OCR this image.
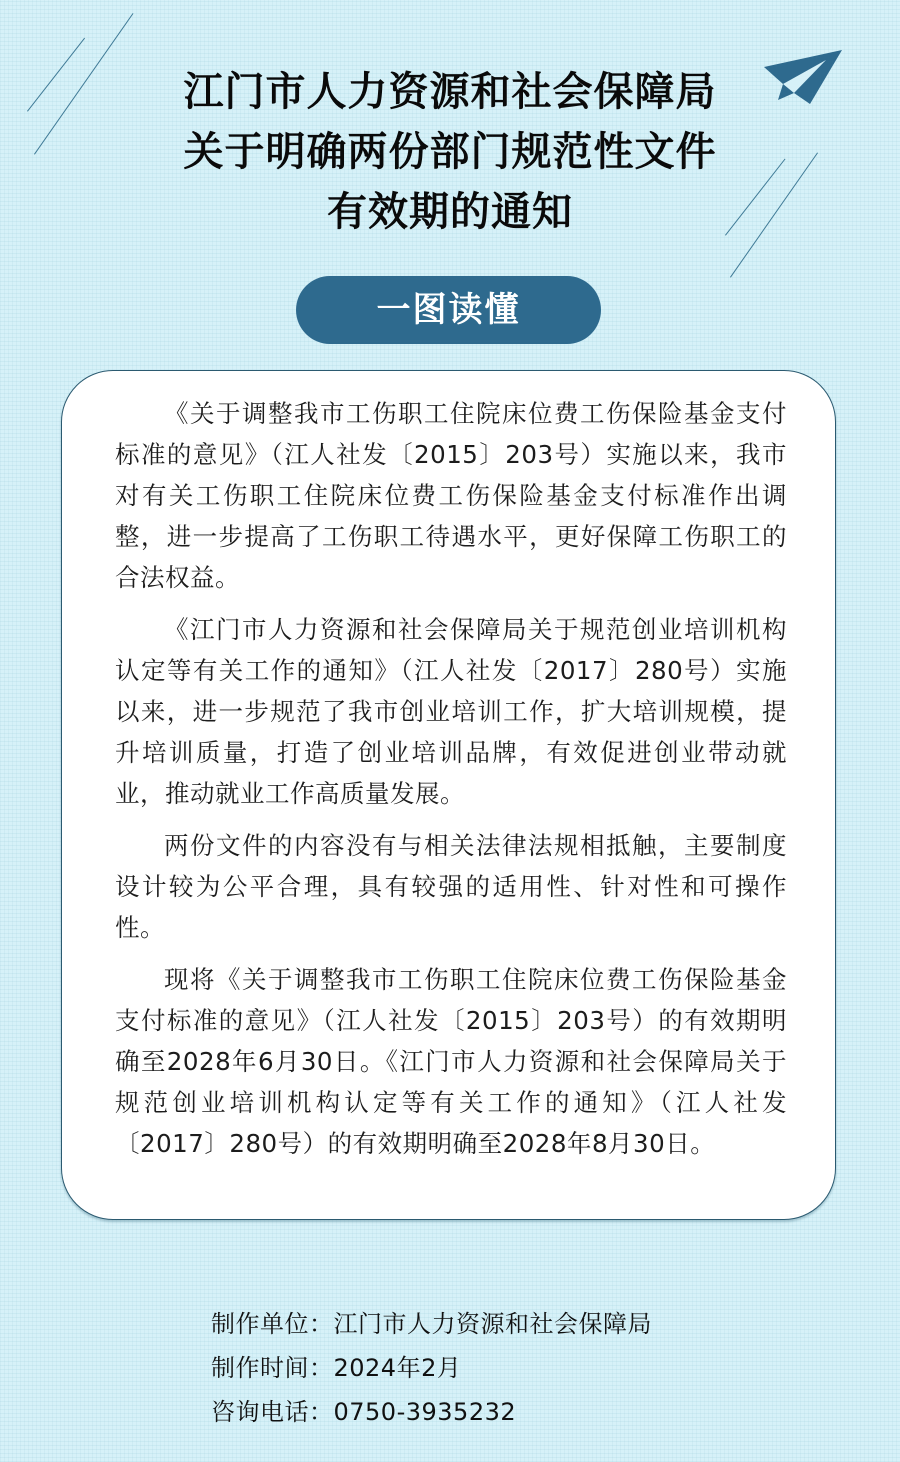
江门市人力资源和社会保障局
关于明确两份部门规范性文件
有效期的通知
一图读懂

《关于调整我市工伤职工住院床位费工伤保险基金支付标准的意见》（江人社发〔2015〕203号）实施以来，我市对有关工伤职工住院床位费工伤保险基金支付标准作出调整，进一步提高了工伤职工待遇水平，更好保障工伤职工的合法权益。

《江门市人力资源和社会保障局关于规范创业培训机构认定等有关工作的通知》（江人社发〔2017〕280号）实施以来，进一步规范了我市创业培训工作，扩大培训规模，提升培训质量，打造了创业培训品牌，有效促进创业带动就业，推动就业工作高质量发展。

两份文件的内容没有与相关法律法规相抵触，主要制度设计较为公平合理，具有较强的适用性、针对性和可操作性。

现将《关于调整我市工伤职工住院床位费工伤保险基金支付标准的意见》（江人社发〔2015〕203号）的有效期明确至2028年6月30日。《江门市人力资源和社会保障局关于规范创业培训机构认定等有关工作的通知》（江人社发〔2017〕280号）的有效期明确至2028年8月30日。

制作单位：江门市人力资源和社会保障局
制作时间：2024年2月
咨询电话：0750-3935232
